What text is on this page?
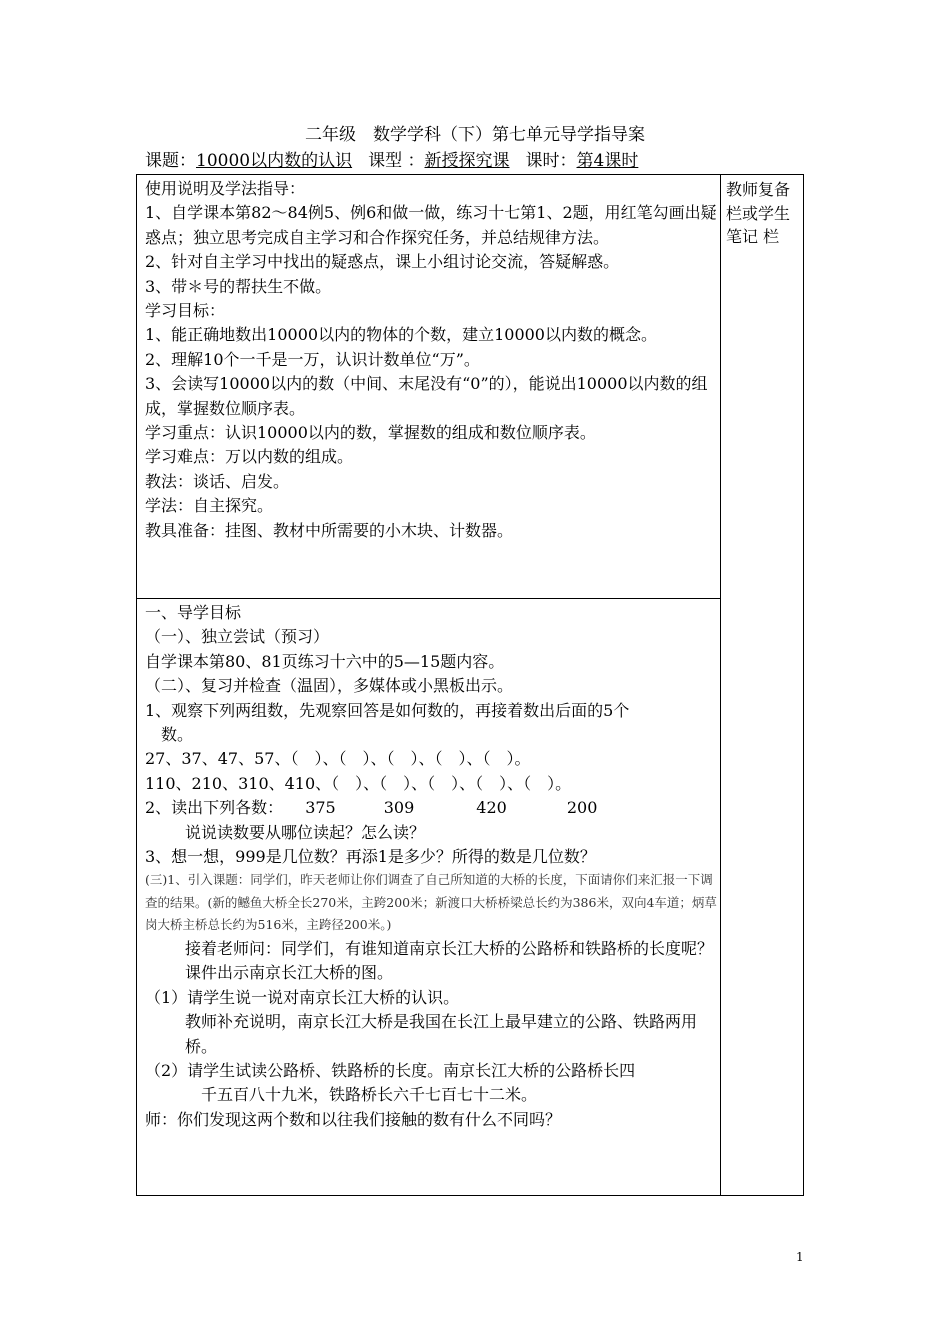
二年级　数学学科（下）第七单元导学指导案
课题：10000以内数的认识 课型 ：新授探究课 课时：第4课时

使用说明及学法指导：

1、自学课本第82～84例5、例6和做一做，练习十七第1、2题，用红笔勾画出疑惑点；独立思考完成自主学习和合作探究任务，并总结规律方法。

2、针对自主学习中找出的疑惑点，课上小组讨论交流，答疑解惑。

3、带＊号的帮扶生不做。

学习目标：

1、能正确地数出10000以内的物体的个数，建立10000以内数的概念。

2、理解10个一千是一万，认识计数单位“万”。

3、会读写10000以内的数（中间、末尾没有“0”的），能说出10000以内数的组成，掌握数位顺序表。

学习重点：认识10000以内的数，掌握数的组成和数位顺序表。

学习难点：万以内数的组成。

教法：谈话、启发。

学法：自主探究。

教具准备：挂图、教材中所需要的小木块、计数器。

一、导学目标

（一）、独立尝试（预习）

自学课本第80、81页练习十六中的5—15题内容。

（二）、复习并检查（温固），多媒体或小黑板出示。

1、观察下列两组数，先观察回答是如何数的，再接着数出后面的5个

数。

27、37、47、57、（　）、（　）、（　）、（　）、（　）。

110、210、310、410、（　）、（　）、（　）、（　）、（　）。

2、读出下列各数： 375	309	420	200

说说读数要从哪位读起？怎么读？

3、想一想，999是几位数？再添1是多少？所得的数是几位数？

(三)1、引入课题：同学们，昨天老师让你们调查了自己所知道的大桥的长度，下面请你们来汇报一下调查的结果。(新的鳡鱼大桥全长270米，主跨200米；新渡口大桥桥梁总长约为386米，双向4车道；炳草岗大桥主桥总长约为516米，主跨径200米。)

接着老师问：同学们，有谁知道南京长江大桥的公路桥和铁路桥的长度呢？

课件出示南京长江大桥的图。

（1）请学生说一说对南京长江大桥的认识。

教师补充说明，南京长江大桥是我国在长江上最早建立的公路、铁路两用桥。

（2）请学生试读公路桥、铁路桥的长度。南京长江大桥的公路桥长四

千五百八十九米，铁路桥长六千七百七十二米。

师：你们发现这两个数和以往我们接触的数有什么不同吗？

教师复备栏或学生笔记 栏
1
